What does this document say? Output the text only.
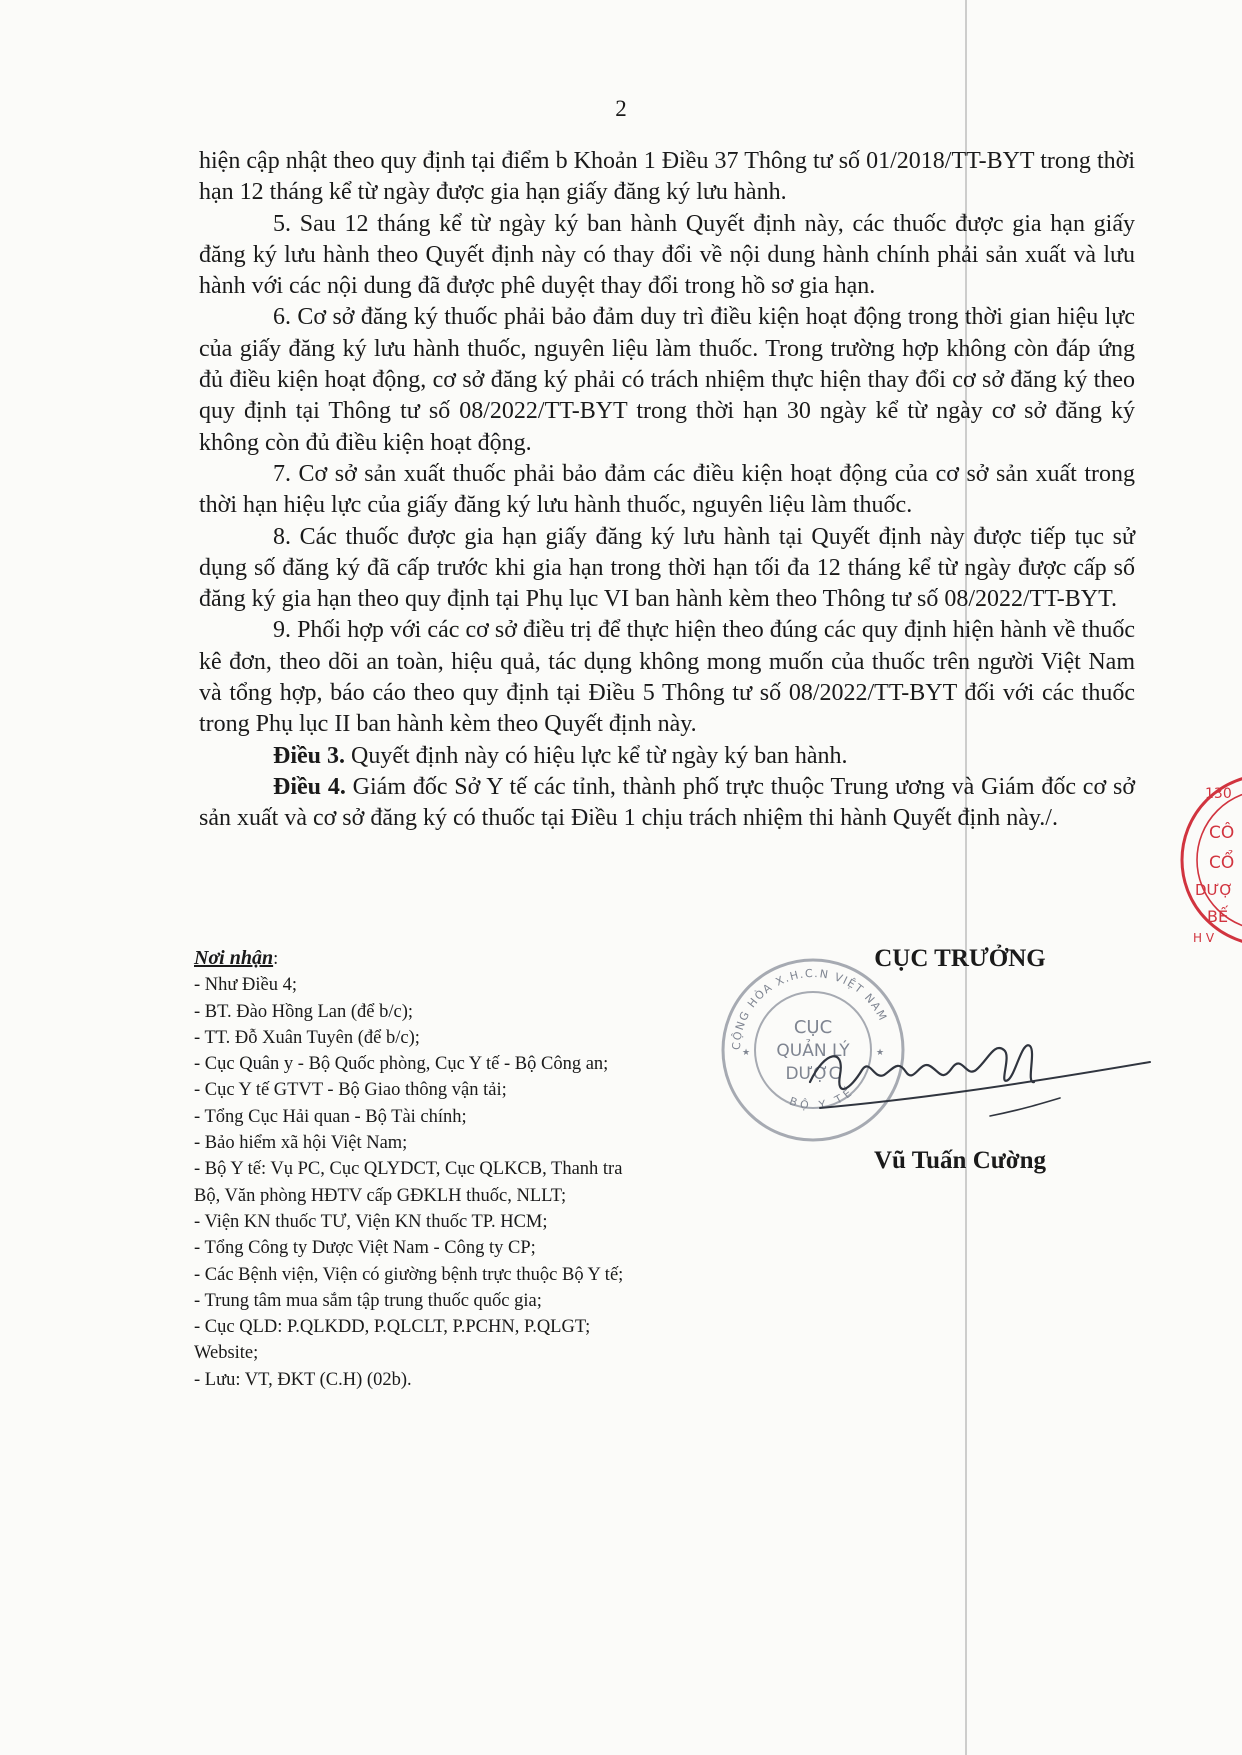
2

hiện cập nhật theo quy định tại điểm b Khoản 1 Điều 37 Thông tư số 01/2018/TT-BYT trong thời hạn 12 tháng kể từ ngày được gia hạn giấy đăng ký lưu hành.

5. Sau 12 tháng kể từ ngày ký ban hành Quyết định này, các thuốc được gia hạn giấy đăng ký lưu hành theo Quyết định này có thay đổi về nội dung hành chính phải sản xuất và lưu hành với các nội dung đã được phê duyệt thay đổi trong hồ sơ gia hạn.

6. Cơ sở đăng ký thuốc phải bảo đảm duy trì điều kiện hoạt động trong thời gian hiệu lực của giấy đăng ký lưu hành thuốc, nguyên liệu làm thuốc. Trong trường hợp không còn đáp ứng đủ điều kiện hoạt động, cơ sở đăng ký phải có trách nhiệm thực hiện thay đổi cơ sở đăng ký theo quy định tại Thông tư số 08/2022/TT-BYT trong thời hạn 30 ngày kể từ ngày cơ sở đăng ký không còn đủ điều kiện hoạt động.

7. Cơ sở sản xuất thuốc phải bảo đảm các điều kiện hoạt động của cơ sở sản xuất trong thời hạn hiệu lực của giấy đăng ký lưu hành thuốc, nguyên liệu làm thuốc.

8. Các thuốc được gia hạn giấy đăng ký lưu hành tại Quyết định này được tiếp tục sử dụng số đăng ký đã cấp trước khi gia hạn trong thời hạn tối đa 12 tháng kể từ ngày được cấp số đăng ký gia hạn theo quy định tại Phụ lục VI ban hành kèm theo Thông tư số 08/2022/TT-BYT.

9. Phối hợp với các cơ sở điều trị để thực hiện theo đúng các quy định hiện hành về thuốc kê đơn, theo dõi an toàn, hiệu quả, tác dụng không mong muốn của thuốc trên người Việt Nam và tổng hợp, báo cáo theo quy định tại Điều 5 Thông tư số 08/2022/TT-BYT đối với các thuốc trong Phụ lục II ban hành kèm theo Quyết định này.

Điều 3. Quyết định này có hiệu lực kể từ ngày ký ban hành.

Điều 4. Giám đốc Sở Y tế các tỉnh, thành phố trực thuộc Trung ương và Giám đốc cơ sở sản xuất và cơ sở đăng ký có thuốc tại Điều 1 chịu trách nhiệm thi hành Quyết định này./.

Nơi nhận:
- Như Điều 4;
- BT. Đào Hồng Lan (để b/c);
- TT. Đỗ Xuân Tuyên (để b/c);
- Cục Quân y - Bộ Quốc phòng, Cục Y tế - Bộ Công an;
- Cục Y tế GTVT - Bộ Giao thông vận tải;
- Tổng Cục Hải quan - Bộ Tài chính;
- Bảo hiểm xã hội Việt Nam;
- Bộ Y tế: Vụ PC, Cục QLYDCT, Cục QLKCB, Thanh tra
Bộ, Văn phòng HĐTV cấp GĐKLH thuốc, NLLT;
- Viện KN thuốc TƯ, Viện KN thuốc TP. HCM;
- Tổng Công ty Dược Việt Nam - Công ty CP;
- Các Bệnh viện, Viện có giường bệnh trực thuộc Bộ Y tế;
- Trung tâm mua sắm tập trung thuốc quốc gia;
- Cục QLD: P.QLKDD, P.QLCLT, P.PCHN, P.QLGT;
Website;
- Lưu: VT, ĐKT (C.H) (02b).
CỤC TRƯỞNG
CỘNG HÒA X.H.C.N VIỆT NAM
BỘ Y TẾ
CỤC
QUẢN LÝ
DƯỢC
★	★
Vũ Tuấn Cường
130
CÔ
CỔ
DƯỢ
BẾ
H V
